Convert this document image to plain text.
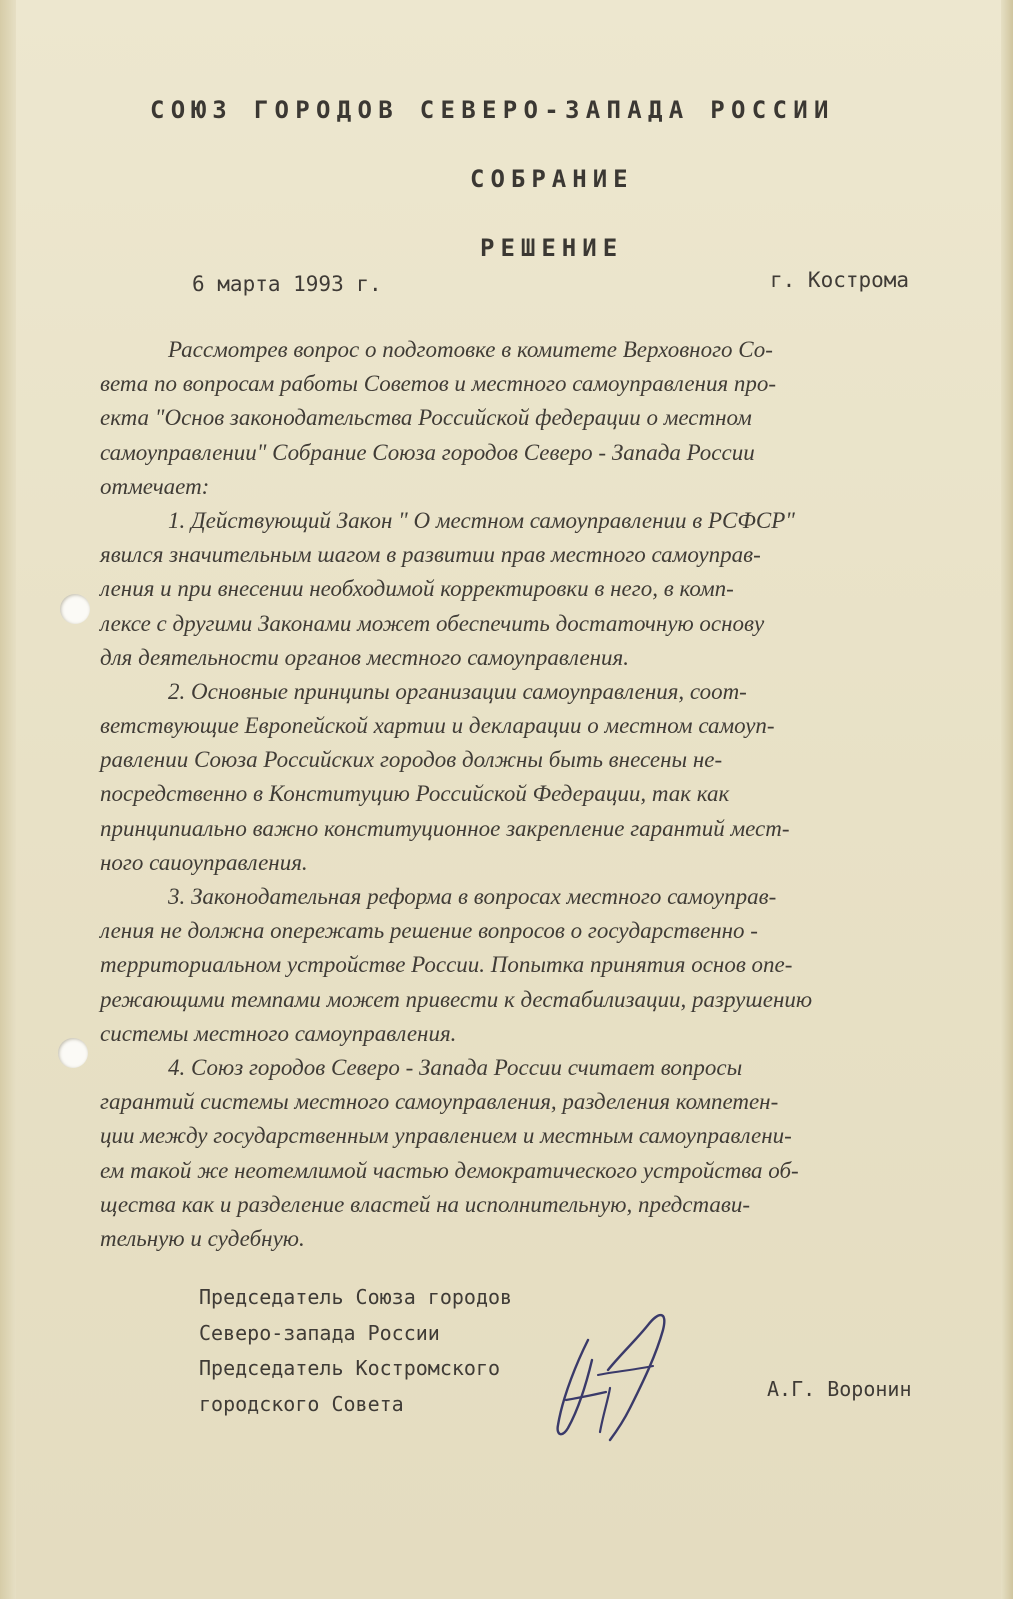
СОЮЗ ГОРОДОВ СЕВЕРО-ЗАПАДА РОССИИ
СОБРАНИЕ
РЕШЕНИЕ
6 марта 1993 г.	г. Кострома
Рассмотрев вопрос о подготовке в комитете Верховного Со-
вета по вопросам работы Советов и местного самоуправления про-
екта "Основ законодательства Российской федерации о местном
самоуправлении" Собрание Союза городов Северо - Запада России
отмечает:
1. Действующий Закон " О местном самоуправлении в РСФСР"
явился значительным шагом в развитии прав местного самоуправ-
ления и при внесении необходимой корректировки в него, в комп-
лексе с другими Законами может обеспечить достаточную основу
для деятельности органов местного самоуправления.
2. Основные принципы организации самоуправления, соот-
ветствующие Европейской хартии и декларации о местном самоуп-
равлении Союза Российских городов должны быть внесены не-
посредственно в Конституцию Российской Федерации, так как
принципиально важно конституционное закрепление гарантий мест-
ного саиоуправления.
3. Законодательная реформа в вопросах местного самоуправ-
ления не должна опережать решение вопросов о государственно -
территориальном устройстве России. Попытка принятия основ опе-
режающими темпами может привести к дестабилизации, разрушению
системы местного самоуправления.
4. Союз городов Северо - Запада России считает вопросы
гарантий системы местного самоуправления, разделения компетен-
ции между государственным управлением и местным самоуправлени-
ем такой же неотемлимой частью демократического устройства об-
щества как и разделение властей на исполнительную, представи-
тельную и судебную.
Председатель Союза городов
Северо-запада России
Председатель Костромского
городского Совета
А.Г. Воронин
